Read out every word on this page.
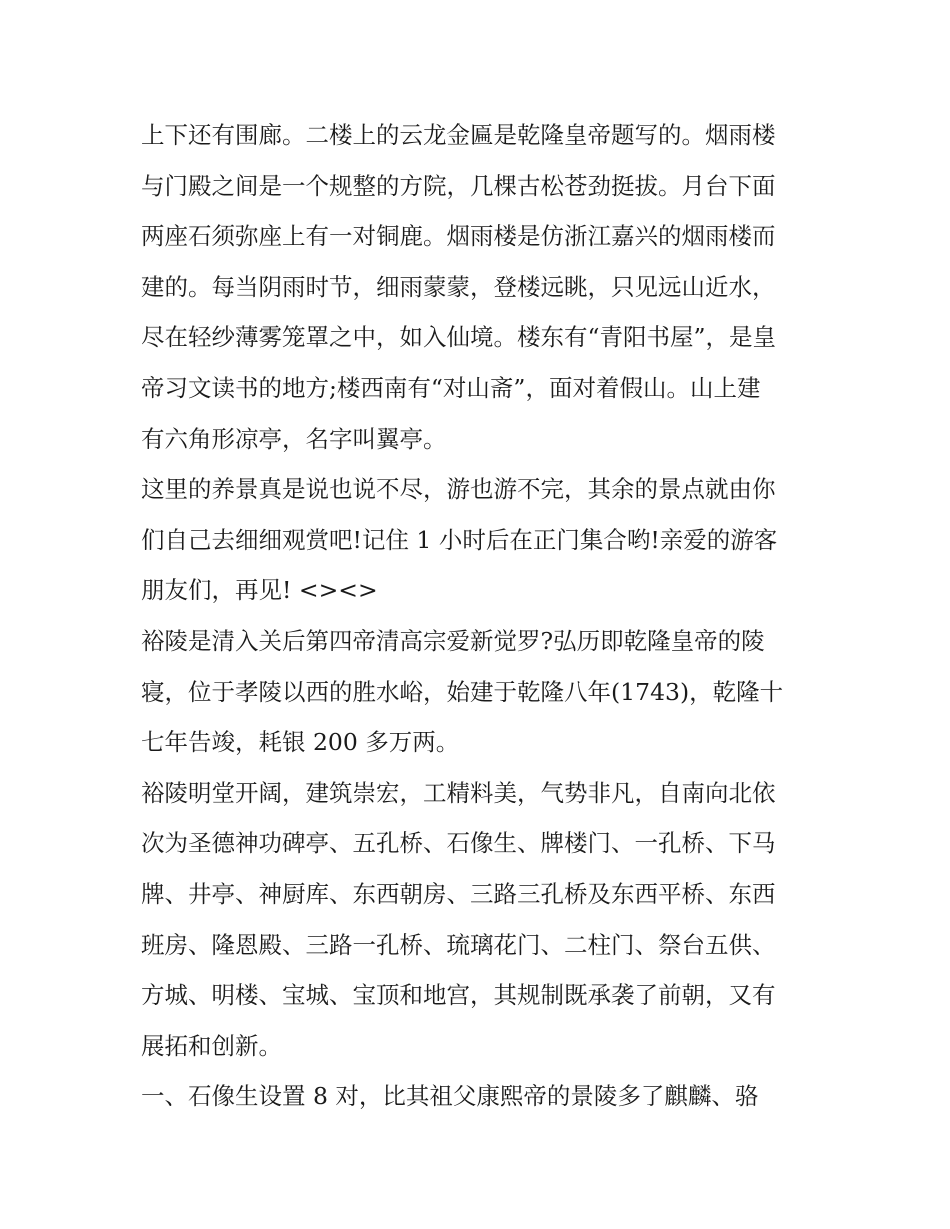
上下还有围廊。二楼上的云龙金匾是乾隆皇帝题写的。烟雨楼
与门殿之间是一个规整的方院，几棵古松苍劲挺拔。月台下面
两座石须弥座上有一对铜鹿。烟雨楼是仿浙江嘉兴的烟雨楼而
建的。每当阴雨时节，细雨蒙蒙，登楼远眺，只见远山近水，
尽在轻纱薄雾笼罩之中，如入仙境。楼东有“青阳书屋”，是皇
帝习文读书的地方;楼西南有“对山斋”，面对着假山。山上建
有六角形凉亭，名字叫翼亭。
这里的养景真是说也说不尽，游也游不完，其余的景点就由你
们自己去细细观赏吧!记住 1 小时后在正门集合哟!亲爱的游客
朋友们，再见! <><>
裕陵是清入关后第四帝清高宗爱新觉罗?弘历即乾隆皇帝的陵
寝，位于孝陵以西的胜水峪，始建于乾隆八年(1743)，乾隆十
七年告竣，耗银 200 多万两。
裕陵明堂开阔，建筑崇宏，工精料美，气势非凡，自南向北依
次为圣德神功碑亭、五孔桥、石像生、牌楼门、一孔桥、下马
牌、井亭、神厨库、东西朝房、三路三孔桥及东西平桥、东西
班房、隆恩殿、三路一孔桥、琉璃花门、二柱门、祭台五供、
方城、明楼、宝城、宝顶和地宫，其规制既承袭了前朝，又有
展拓和创新。
一、石像生设置 8 对，比其祖父康熙帝的景陵多了麒麟、骆
